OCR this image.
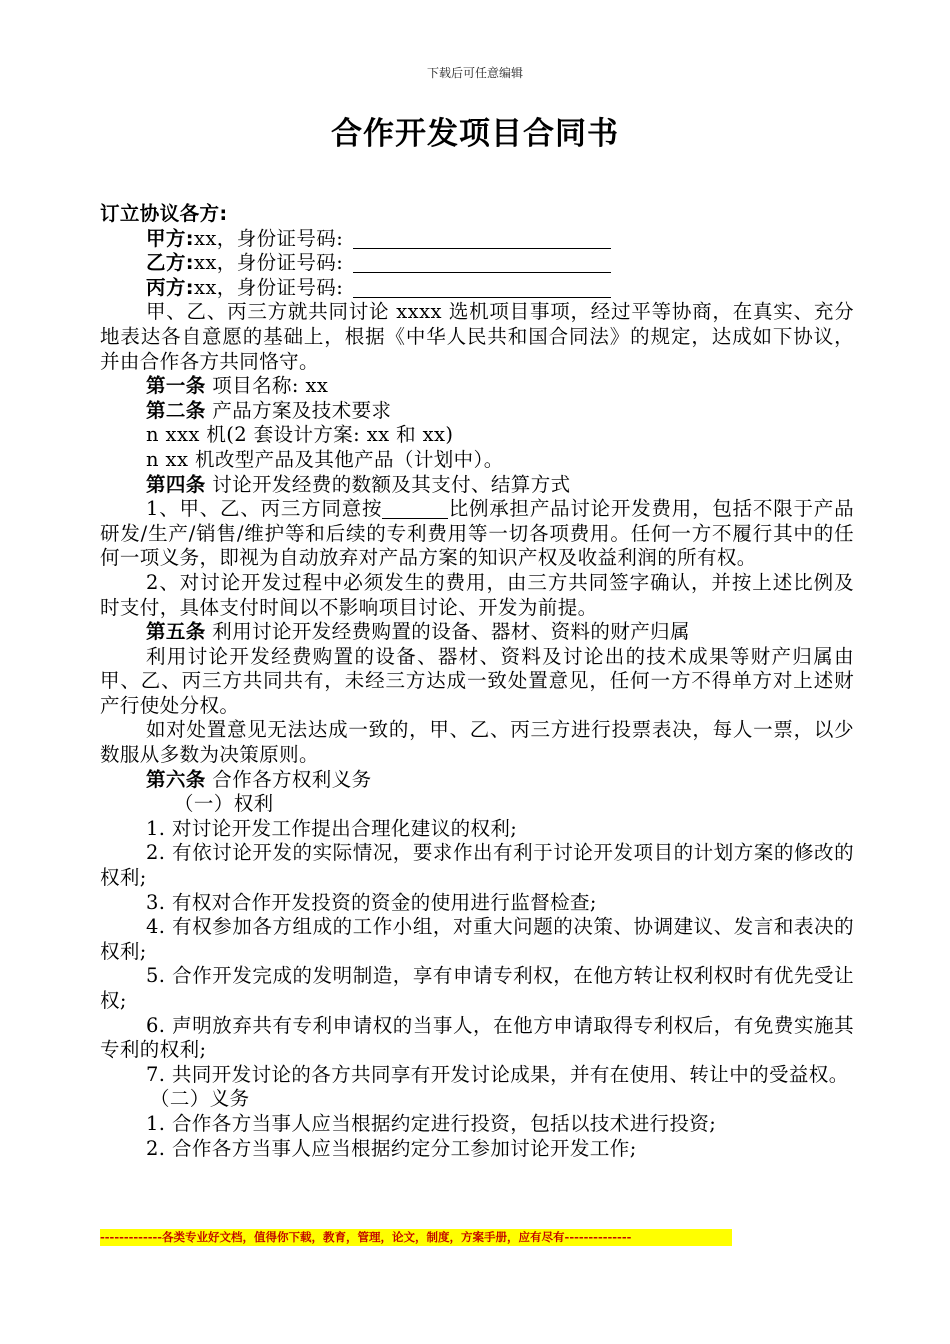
下载后可任意编辑
合作开发项目合同书

订立协议各方:

甲方:xx，身份证号码:

乙方:xx，身份证号码:

丙方:xx，身份证号码:

甲、乙、丙三方就共同讨论 xxxx 选机项目事项，经过平等协商，在真实、充分地表达各自意愿的基础上，根据《中华人民共和国合同法》的规定，达成如下协议，并由合作各方共同恪守。

第一条 项目名称: xx

第二条 产品方案及技术要求

n xxx 机(2 套设计方案: xx 和 xx)

n xx 机改型产品及其他产品（计划中）。

第四条 讨论开发经费的数额及其支付、结算方式

1、甲、乙、丙三方同意按	比例承担产品讨论开发费用，包括不限于产品研发/生产/销售/维护等和后续的专利费用等一切各项费用。任何一方不履行其中的任何一项义务，即视为自动放弃对产品方案的知识产权及收益利润的所有权。

2、对讨论开发过程中必须发生的费用，由三方共同签字确认，并按上述比例及时支付，具体支付时间以不影响项目讨论、开发为前提。

第五条 利用讨论开发经费购置的设备、器材、资料的财产归属

利用讨论开发经费购置的设备、器材、资料及讨论出的技术成果等财产归属由甲、乙、丙三方共同共有，未经三方达成一致处置意见，任何一方不得单方对上述财产行使处分权。

如对处置意见无法达成一致的，甲、乙、丙三方进行投票表决，每人一票，以少数服从多数为决策原则。

第六条 合作各方权利义务

（一）权利

1. 对讨论开发工作提出合理化建议的权利;

2. 有依讨论开发的实际情况，要求作出有利于讨论开发项目的计划方案的修改的权利;

3. 有权对合作开发投资的资金的使用进行监督检查;

4. 有权参加各方组成的工作小组，对重大问题的决策、协调建议、发言和表决的权利;

5. 合作开发完成的发明制造，享有申请专利权，在他方转让权利权时有优先受让权;

6. 声明放弃共有专利申请权的当事人，在他方申请取得专利权后，有免费实施其专利的权利;

7. 共同开发讨论的各方共同享有开发讨论成果，并有在使用、转让中的受益权。

（二）义务

1. 合作各方当事人应当根据约定进行投资，包括以技术进行投资;

2. 合作各方当事人应当根据约定分工参加讨论开发工作;

-------------各类专业好文档，值得你下载，教育，管理，论文，制度，方案手册，应有尽有--------------
